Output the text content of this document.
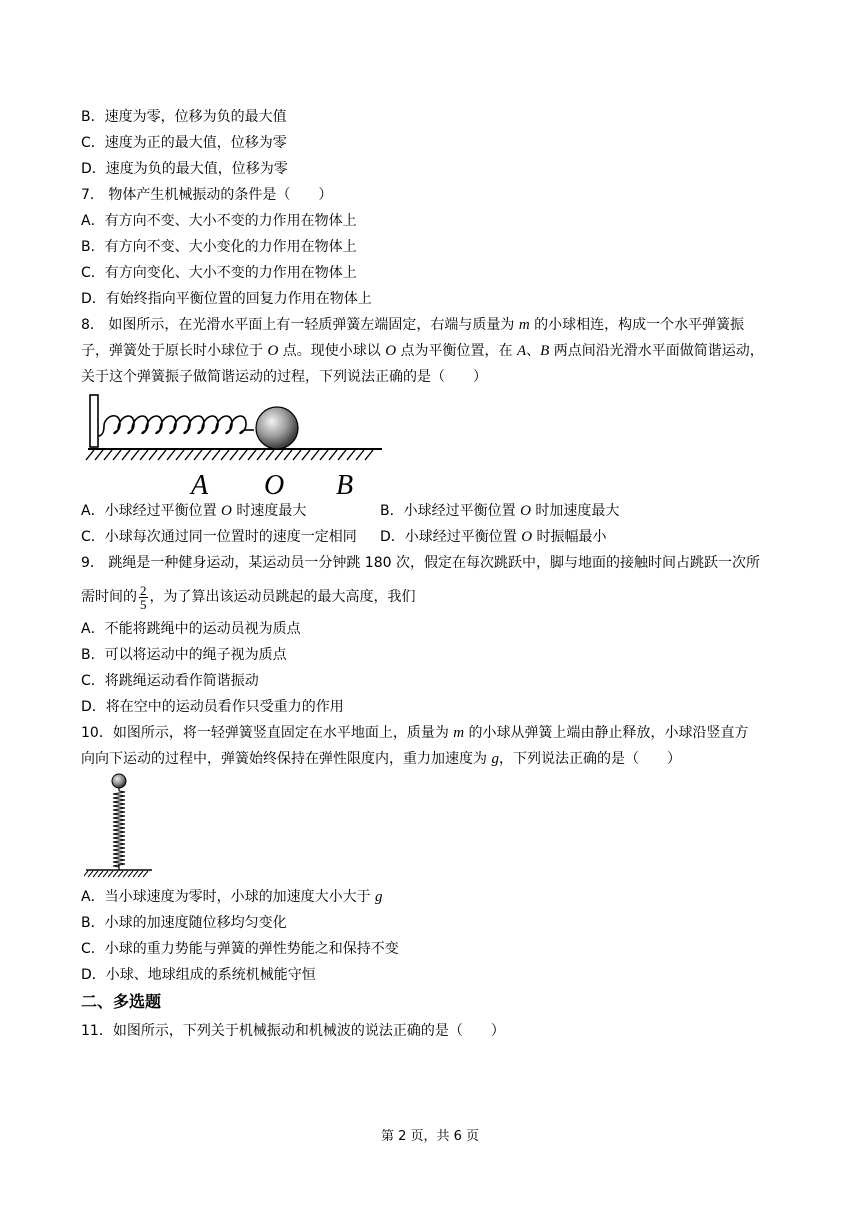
B．速度为零，位移为负的最大值
C．速度为正的最大值，位移为零
D．速度为负的最大值，位移为零
7． 物体产生机械振动的条件是（　　）
A．有方向不变、大小不变的力作用在物体上
B．有方向不变、大小变化的力作用在物体上
C．有方向变化、大小不变的力作用在物体上
D．有始终指向平衡位置的回复力作用在物体上
8． 如图所示，在光滑水平面上有一轻质弹簧左端固定，右端与质量为 m 的小球相连，构成一个水平弹簧振
子，弹簧处于原长时小球位于 O 点。现使小球以 O 点为平衡位置，在 A、B 两点间沿光滑水平面做简谐运动，
关于这个弹簧振子做简谐运动的过程，下列说法正确的是（　　）
A O B
A．小球经过平衡位置 O 时速度最大	B．小球经过平衡位置 O 时加速度最大
C．小球每次通过同一位置时的速度一定相同 D．小球经过平衡位置 O 时振幅最小
9． 跳绳是一种健身运动，某运动员一分钟跳 180 次，假定在每次跳跃中，脚与地面的接触时间占跳跃一次所
需时间的 $\frac{2}{5}$ ，为了算出该运动员跳起的最大高度，我们
A．不能将跳绳中的运动员视为质点
B．可以将运动中的绳子视为质点
C．将跳绳运动看作简谐振动
D．将在空中的运动员看作只受重力的作用
10．如图所示，将一轻弹簧竖直固定在水平地面上，质量为 m 的小球从弹簧上端由静止释放，小球沿竖直方
向向下运动的过程中，弹簧始终保持在弹性限度内，重力加速度为 g，下列说法正确的是（　　）
A．当小球速度为零时，小球的加速度大小大于 g
B．小球的加速度随位移均匀变化
C．小球的重力势能与弹簧的弹性势能之和保持不变
D．小球、地球组成的系统机械能守恒
二、多选题
11．如图所示，下列关于机械振动和机械波的说法正确的是（　　）
第 2 页，共 6 页
